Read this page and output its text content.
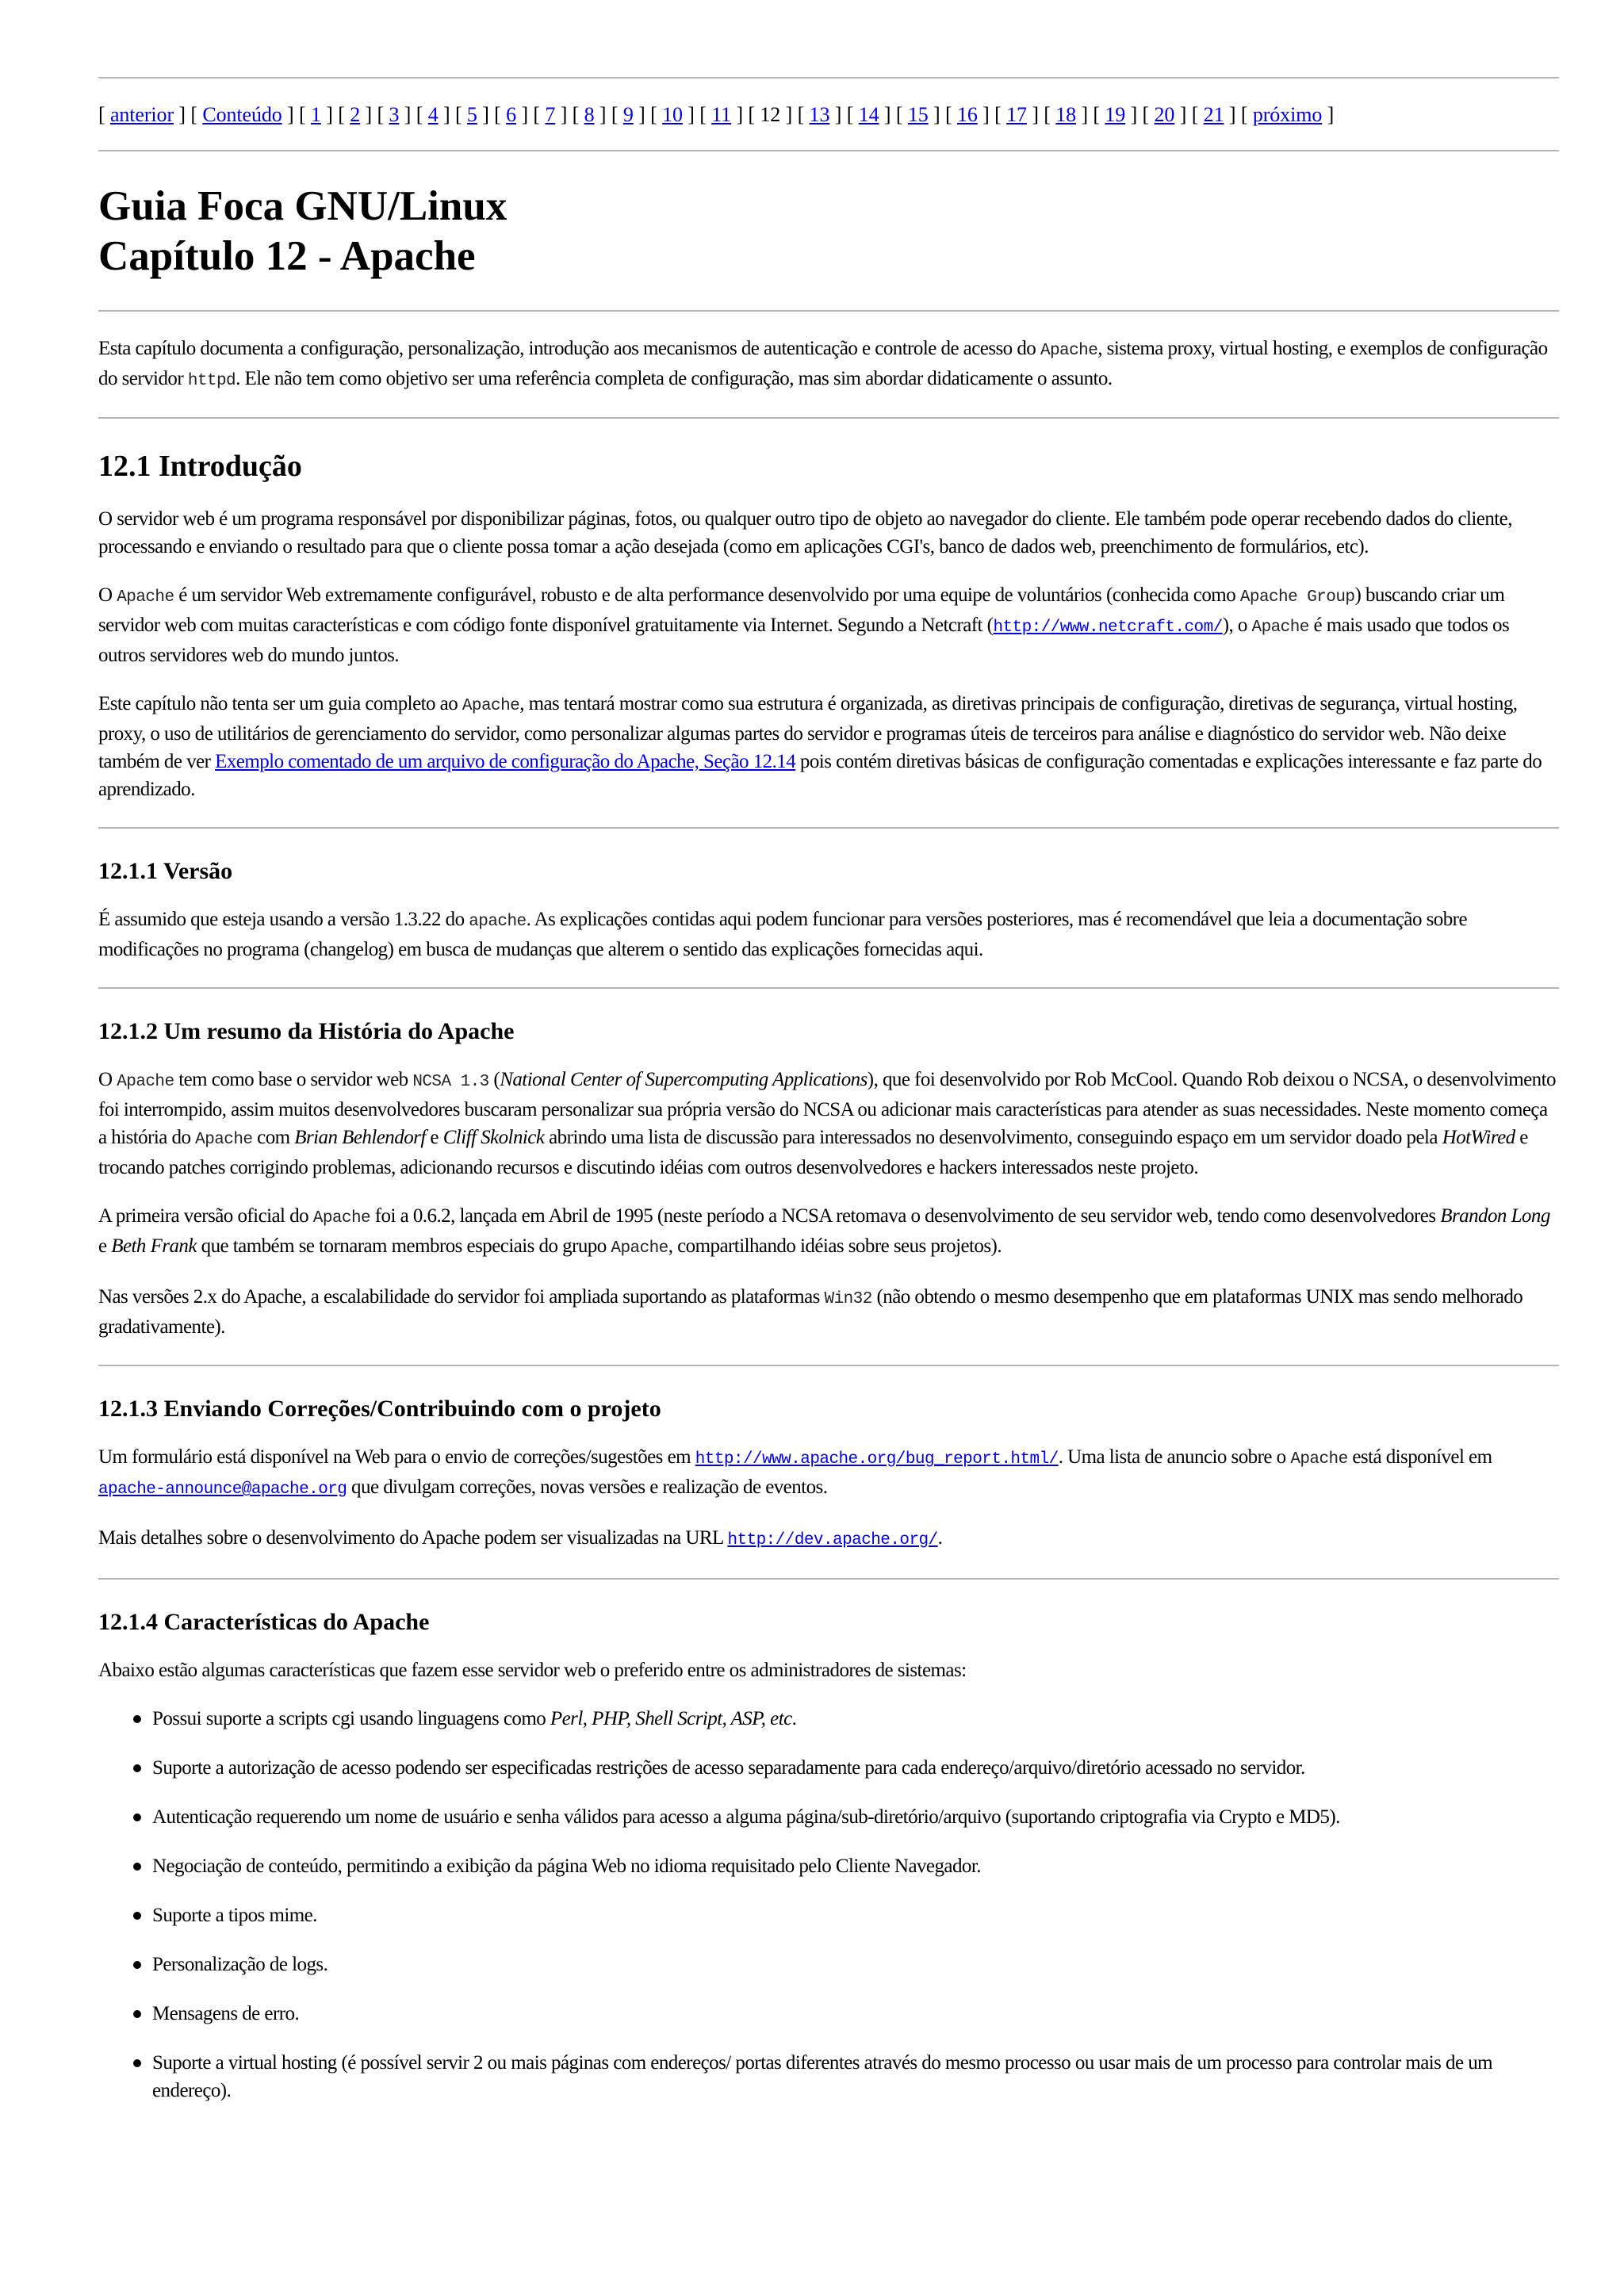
[ anterior ] [ Conteúdo ] [ 1 ] [ 2 ] [ 3 ] [ 4 ] [ 5 ] [ 6 ] [ 7 ] [ 8 ] [ 9 ] [ 10 ] [ 11 ] [ 12 ] [ 13 ] [ 14 ] [ 15 ] [ 16 ] [ 17 ] [ 18 ] [ 19 ] [ 20 ] [ 21 ] [ próximo ]
Guia Foca GNU/Linux
Capítulo 12 - Apache

Esta capítulo documenta a configuração, personalização, introdução aos mecanismos de autenticação e controle de acesso do Apache, sistema proxy, virtual hosting, e exemplos de configuração do servidor httpd. Ele não tem como objetivo ser uma referência completa de configuração, mas sim abordar didaticamente o assunto.

12.1 Introdução

O servidor web é um programa responsável por disponibilizar páginas, fotos, ou qualquer outro tipo de objeto ao navegador do cliente. Ele também pode operar recebendo dados do cliente, processando e enviando o resultado para que o cliente possa tomar a ação desejada (como em aplicações CGI's, banco de dados web, preenchimento de formulários, etc).

O Apache é um servidor Web extremamente configurável, robusto e de alta performance desenvolvido por uma equipe de voluntários (conhecida como Apache Group) buscando criar um servidor web com muitas características e com código fonte disponível gratuitamente via Internet. Segundo a Netcraft (http://www.netcraft.com/), o Apache é mais usado que todos os outros servidores web do mundo juntos.

Este capítulo não tenta ser um guia completo ao Apache, mas tentará mostrar como sua estrutura é organizada, as diretivas principais de configuração, diretivas de segurança, virtual hosting, proxy, o uso de utilitários de gerenciamento do servidor, como personalizar algumas partes do servidor e programas úteis de terceiros para análise e diagnóstico do servidor web. Não deixe também de ver Exemplo comentado de um arquivo de configuração do Apache, Seção 12.14 pois contém diretivas básicas de configuração comentadas e explicações interessante e faz parte do aprendizado.

12.1.1 Versão

É assumido que esteja usando a versão 1.3.22 do apache. As explicações contidas aqui podem funcionar para versões posteriores, mas é recomendável que leia a documentação sobre modificações no programa (changelog) em busca de mudanças que alterem o sentido das explicações fornecidas aqui.

12.1.2 Um resumo da História do Apache

O Apache tem como base o servidor web NCSA 1.3 (National Center of Supercomputing Applications), que foi desenvolvido por Rob McCool. Quando Rob deixou o NCSA, o desenvolvimento foi interrompido, assim muitos desenvolvedores buscaram personalizar sua própria versão do NCSA ou adicionar mais características para atender as suas necessidades. Neste momento começa a história do Apache com Brian Behlendorf e Cliff Skolnick abrindo uma lista de discussão para interessados no desenvolvimento, conseguindo espaço em um servidor doado pela HotWired e trocando patches corrigindo problemas, adicionando recursos e discutindo idéias com outros desenvolvedores e hackers interessados neste projeto.

A primeira versão oficial do Apache foi a 0.6.2, lançada em Abril de 1995 (neste período a NCSA retomava o desenvolvimento de seu servidor web, tendo como desenvolvedores Brandon Long e Beth Frank que também se tornaram membros especiais do grupo Apache, compartilhando idéias sobre seus projetos).

Nas versões 2.x do Apache, a escalabilidade do servidor foi ampliada suportando as plataformas Win32 (não obtendo o mesmo desempenho que em plataformas UNIX mas sendo melhorado gradativamente).

12.1.3 Enviando Correções/Contribuindo com o projeto

Um formulário está disponível na Web para o envio de correções/sugestões em http://www.apache.org/bug_report.html/. Uma lista de anuncio sobre o Apache está disponível em apache-announce@apache.org que divulgam correções, novas versões e realização de eventos.

Mais detalhes sobre o desenvolvimento do Apache podem ser visualizadas na URL http://dev.apache.org/.

12.1.4 Características do Apache

Abaixo estão algumas características que fazem esse servidor web o preferido entre os administradores de sistemas:

Possui suporte a scripts cgi usando linguagens como Perl, PHP, Shell Script, ASP, etc.
Suporte a autorização de acesso podendo ser especificadas restrições de acesso separadamente para cada endereço/arquivo/diretório acessado no servidor.
Autenticação requerendo um nome de usuário e senha válidos para acesso a alguma página/sub-diretório/arquivo (suportando criptografia via Crypto e MD5).
Negociação de conteúdo, permitindo a exibição da página Web no idioma requisitado pelo Cliente Navegador.
Suporte a tipos mime.
Personalização de logs.
Mensagens de erro.
Suporte a virtual hosting (é possível servir 2 ou mais páginas com endereços/ portas diferentes através do mesmo processo ou usar mais de um processo para controlar mais de um endereço).
